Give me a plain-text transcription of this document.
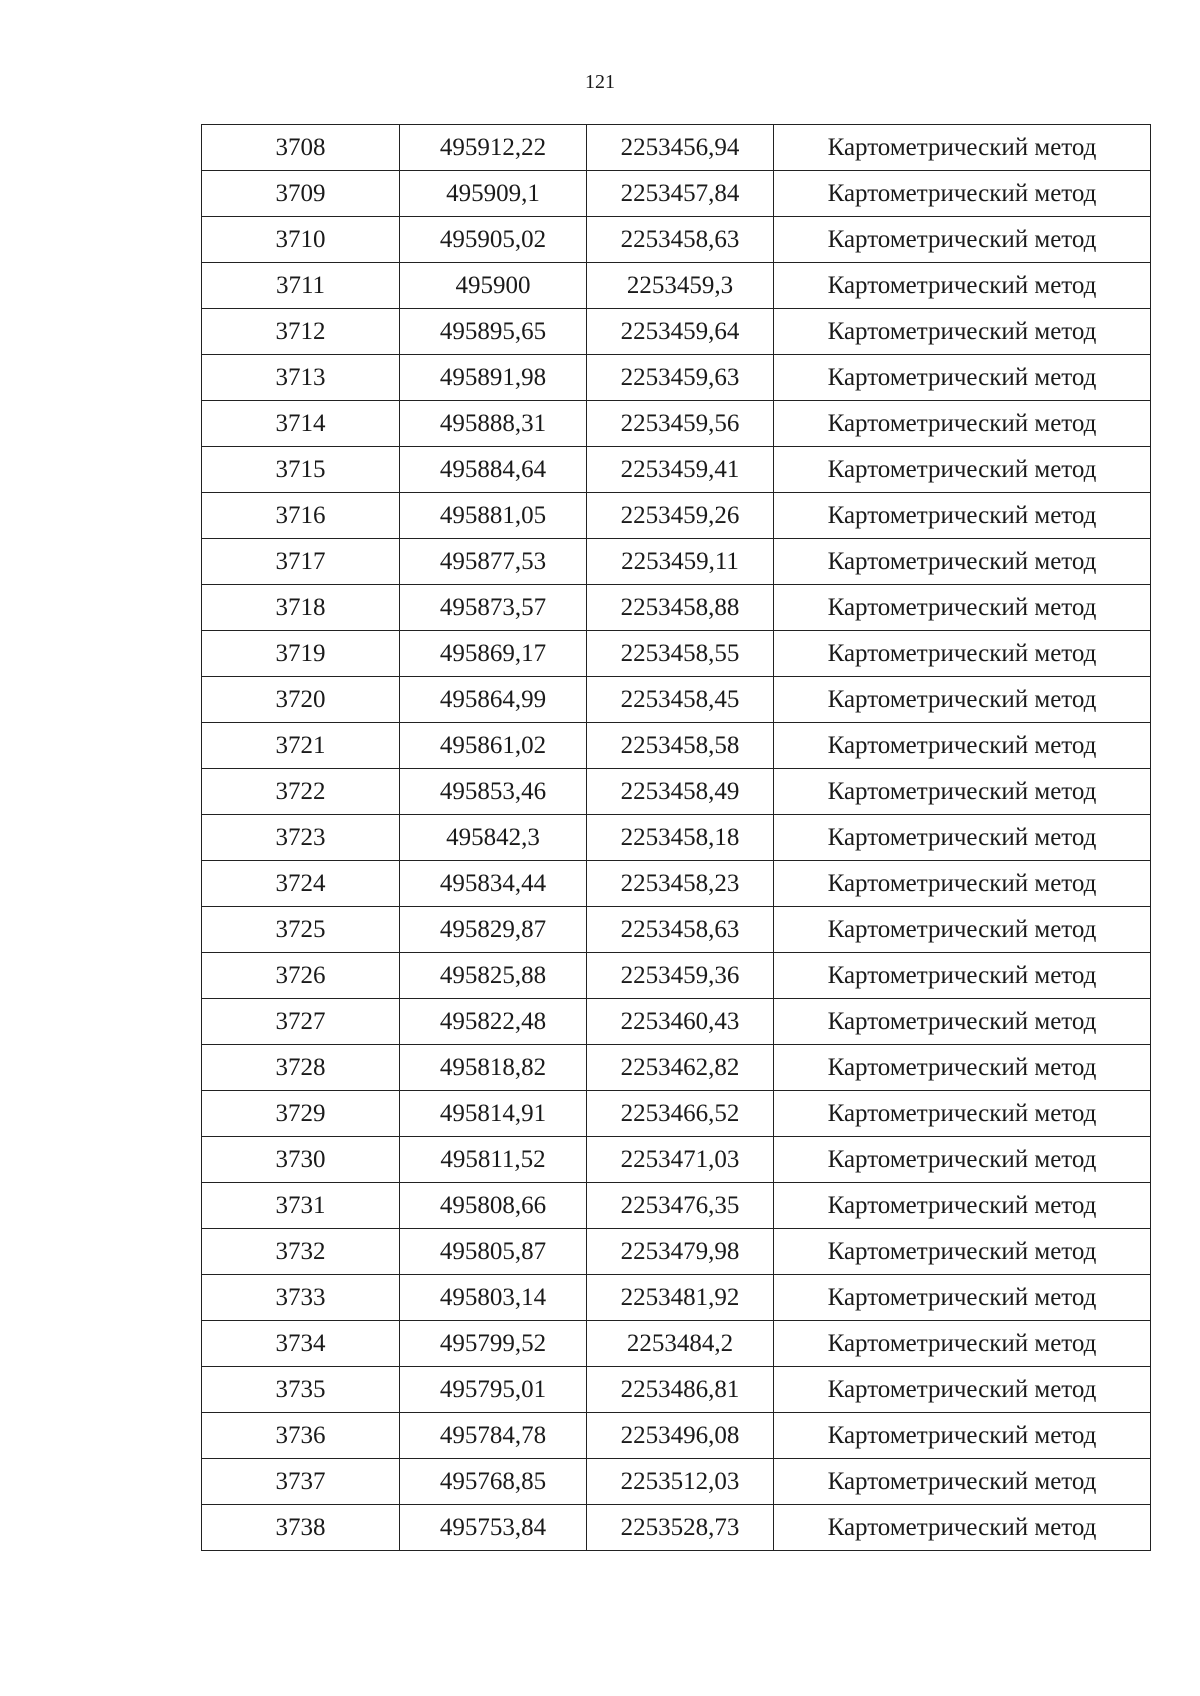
121
3708	495912,22	2253456,94	Картометрический метод
3709	495909,1	2253457,84	Картометрический метод
3710	495905,02	2253458,63	Картометрический метод
3711	495900	2253459,3	Картометрический метод
3712	495895,65	2253459,64	Картометрический метод
3713	495891,98	2253459,63	Картометрический метод
3714	495888,31	2253459,56	Картометрический метод
3715	495884,64	2253459,41	Картометрический метод
3716	495881,05	2253459,26	Картометрический метод
3717	495877,53	2253459,11	Картометрический метод
3718	495873,57	2253458,88	Картометрический метод
3719	495869,17	2253458,55	Картометрический метод
3720	495864,99	2253458,45	Картометрический метод
3721	495861,02	2253458,58	Картометрический метод
3722	495853,46	2253458,49	Картометрический метод
3723	495842,3	2253458,18	Картометрический метод
3724	495834,44	2253458,23	Картометрический метод
3725	495829,87	2253458,63	Картометрический метод
3726	495825,88	2253459,36	Картометрический метод
3727	495822,48	2253460,43	Картометрический метод
3728	495818,82	2253462,82	Картометрический метод
3729	495814,91	2253466,52	Картометрический метод
3730	495811,52	2253471,03	Картометрический метод
3731	495808,66	2253476,35	Картометрический метод
3732	495805,87	2253479,98	Картометрический метод
3733	495803,14	2253481,92	Картометрический метод
3734	495799,52	2253484,2	Картометрический метод
3735	495795,01	2253486,81	Картометрический метод
3736	495784,78	2253496,08	Картометрический метод
3737	495768,85	2253512,03	Картометрический метод
3738	495753,84	2253528,73	Картометрический метод
